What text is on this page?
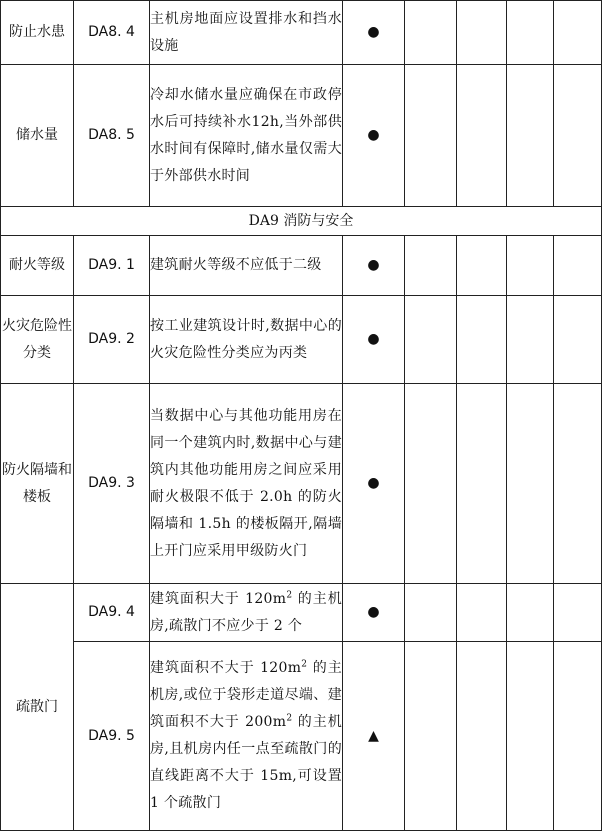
防止水患	DA8. 4	主机房地面应设置排水和挡水设施	●				
储水量	DA8. 5	冷却水储水量应确保在市政停水后可持续补水12h,当外部供水时间有保障时,储水量仅需大于外部供水时间	●				
DA9 消防与安全							
耐火等级	DA9. 1	建筑耐火等级不应低于二级	●				
火灾危险性分类	DA9. 2	按工业建筑设计时,数据中心的火灾危险性分类应为丙类	●				
防火隔墙和楼板	DA9. 3	当数据中心与其他功能用房在同一个建筑内时,数据中心与建筑内其他功能用房之间应采用耐火极限不低于 2.0h 的防火隔墙和 1.5h 的楼板隔开,隔墙上开门应采用甲级防火门	●				
疏散门	DA9. 4	建筑面积大于 $120m^2$ 的主机房,疏散门不应少于 2 个	●				
	DA9. 5	建筑面积不大于 $120m^2$ 的主机房,或位于袋形走道尽端、建筑面积不大于 $200m^2$ 的主机房,且机房内任一点至疏散门的直线距离不大于 15m,可设置 1 个疏散门	▲				
